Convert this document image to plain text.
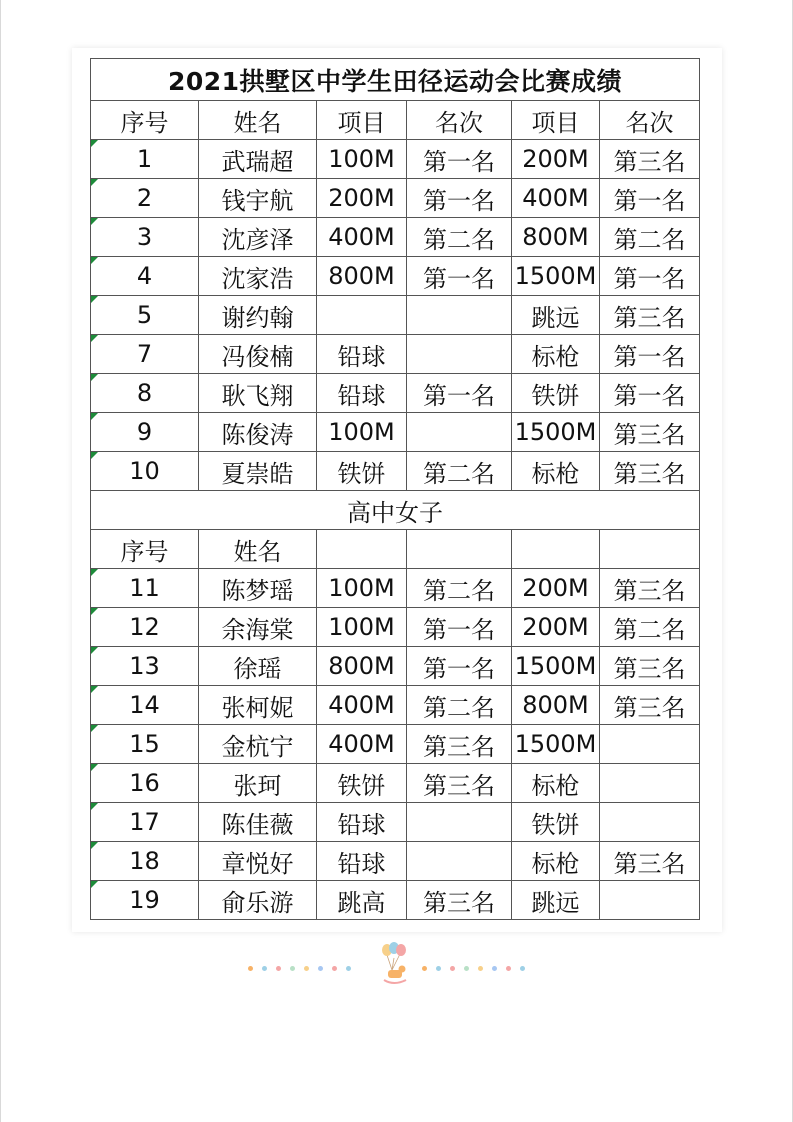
2021拱墅区中学生田径运动会比赛成绩					
序号	姓名	项目	名次	项目	名次

1	武瑞超	100M	第一名	200M	第三名

2	钱宇航	200M	第一名	400M	第一名

3	沈彦泽	400M	第二名	800M	第二名

4	沈家浩	800M	第一名	1500M	第一名

5	谢约翰			跳远	第三名

7	冯俊楠	铅球		标枪	第一名

8	耿飞翔	铅球	第一名	铁饼	第一名

9	陈俊涛	100M		1500M	第三名

10	夏崇皓	铁饼	第二名	标枪	第三名
高中女子					
序号	姓名				

11	陈梦瑶	100M	第二名	200M	第三名

12	余海棠	100M	第一名	200M	第二名

13	徐瑶	800M	第一名	1500M	第三名

14	张柯妮	400M	第二名	800M	第三名

15	金杭宁	400M	第三名	1500M	

16	张珂	铁饼	第三名	标枪	

17	陈佳薇	铅球		铁饼	

18	章悦好	铅球		标枪	第三名

19	俞乐游	跳高	第三名	跳远	
